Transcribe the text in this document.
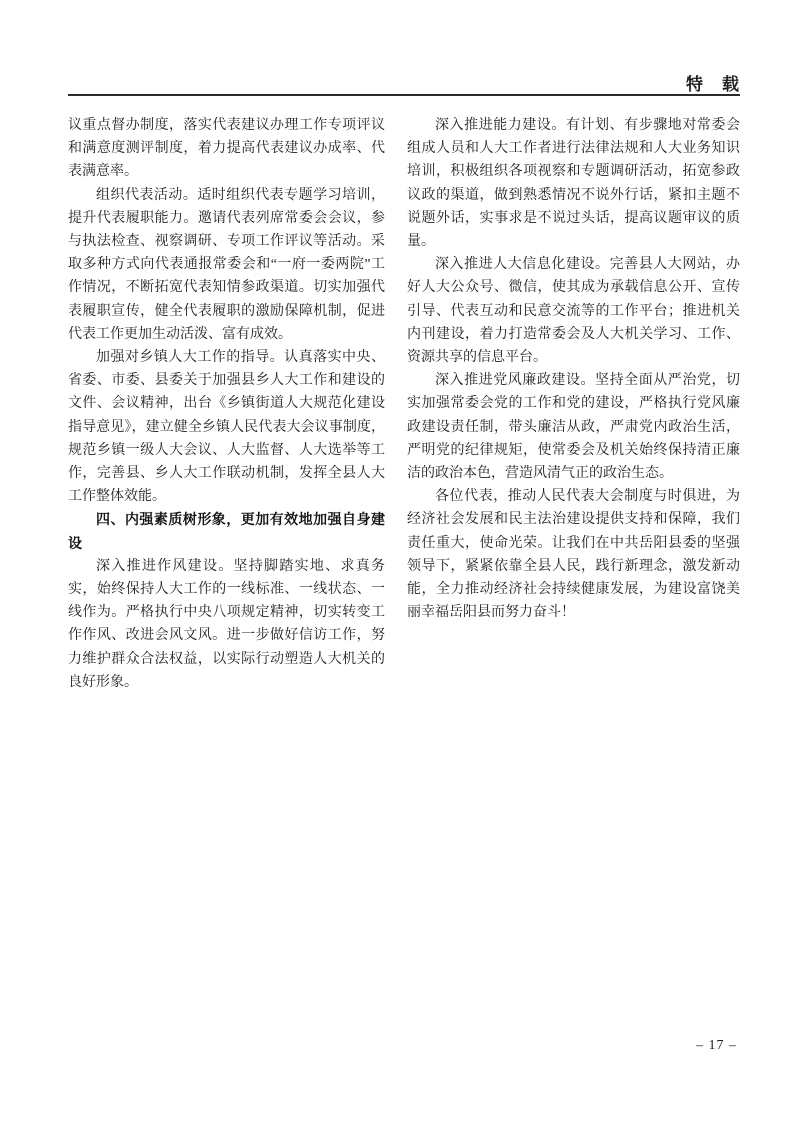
特　载

议重点督办制度，落实代表建议办理工作专项评议和满意度测评制度，着力提高代表建议办成率、代表满意率。

组织代表活动。适时组织代表专题学习培训，提升代表履职能力。邀请代表列席常委会会议，参与执法检查、视察调研、专项工作评议等活动。采取多种方式向代表通报常委会和“一府一委两院”工作情况，不断拓宽代表知情参政渠道。切实加强代表履职宣传，健全代表履职的激励保障机制，促进代表工作更加生动活泼、富有成效。

加强对乡镇人大工作的指导。认真落实中央、省委、市委、县委关于加强县乡人大工作和建设的文件、会议精神，出台《乡镇街道人大规范化建设指导意见》，建立健全乡镇人民代表大会议事制度，规范乡镇一级人大会议、人大监督、人大选举等工作，完善县、乡人大工作联动机制，发挥全县人大工作整体效能。

四、内强素质树形象，更加有效地加强自身建设

深入推进作风建设。坚持脚踏实地、求真务实，始终保持人大工作的一线标准、一线状态、一线作为。严格执行中央八项规定精神，切实转变工作作风、改进会风文风。进一步做好信访工作，努力维护群众合法权益，以实际行动塑造人大机关的良好形象。

深入推进能力建设。有计划、有步骤地对常委会组成人员和人大工作者进行法律法规和人大业务知识培训，积极组织各项视察和专题调研活动，拓宽参政议政的渠道，做到熟悉情况不说外行话，紧扣主题不说题外话，实事求是不说过头话，提高议题审议的质量。

深入推进人大信息化建设。完善县人大网站，办好人大公众号、微信，使其成为承载信息公开、宣传引导、代表互动和民意交流等的工作平台；推进机关内刊建设，着力打造常委会及人大机关学习、工作、资源共享的信息平台。

深入推进党风廉政建设。坚持全面从严治党，切实加强常委会党的工作和党的建设，严格执行党风廉政建设责任制，带头廉洁从政，严肃党内政治生活，严明党的纪律规矩，使常委会及机关始终保持清正廉洁的政治本色，营造风清气正的政治生态。

各位代表，推动人民代表大会制度与时俱进，为经济社会发展和民主法治建设提供支持和保障，我们责任重大，使命光荣。让我们在中共岳阳县委的坚强领导下，紧紧依靠全县人民，践行新理念，激发新动能，全力推动经济社会持续健康发展，为建设富饶美丽幸福岳阳县而努力奋斗！

– 17 –
